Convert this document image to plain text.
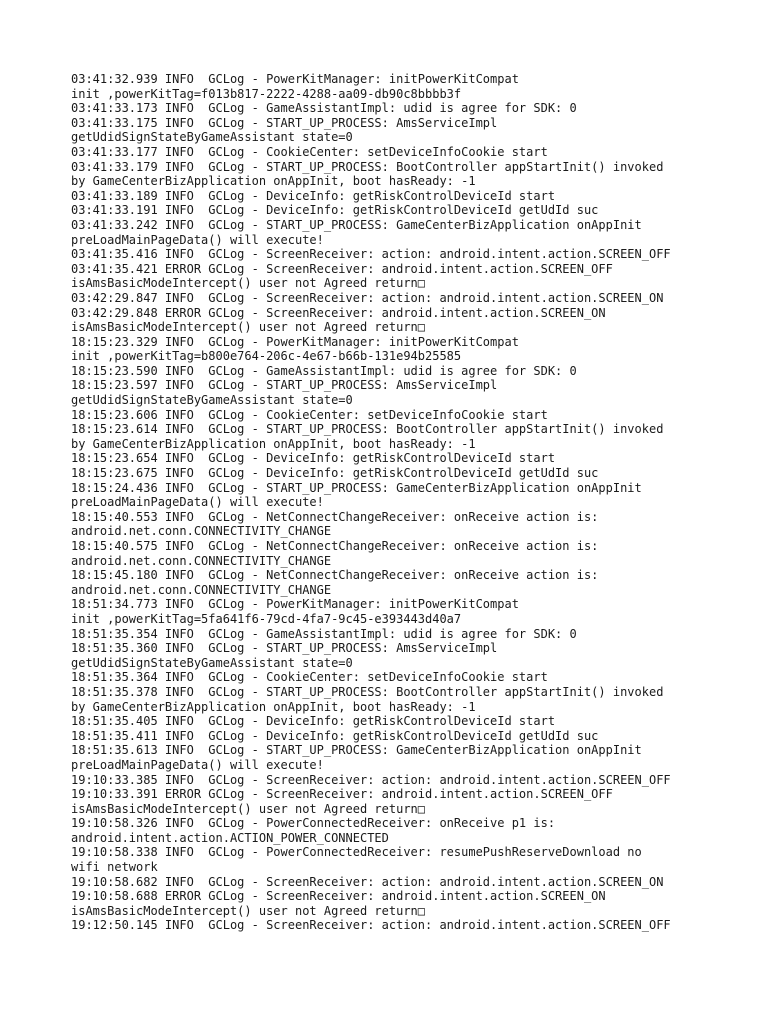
03:41:32.939 INFO  GCLog - PowerKitManager: initPowerKitCompat
init ,powerKitTag=f013b817-2222-4288-aa09-db90c8bbbb3f
03:41:33.173 INFO  GCLog - GameAssistantImpl: udid is agree for SDK: 0
03:41:33.175 INFO  GCLog - START_UP_PROCESS: AmsServiceImpl
getUdidSignStateByGameAssistant state=0
03:41:33.177 INFO  GCLog - CookieCenter: setDeviceInfoCookie start
03:41:33.179 INFO  GCLog - START_UP_PROCESS: BootController appStartInit() invoked
by GameCenterBizApplication onAppInit, boot hasReady: -1
03:41:33.189 INFO  GCLog - DeviceInfo: getRiskControlDeviceId start
03:41:33.191 INFO  GCLog - DeviceInfo: getRiskControlDeviceId getUdId suc
03:41:33.242 INFO  GCLog - START_UP_PROCESS: GameCenterBizApplication onAppInit
preLoadMainPageData() will execute!
03:41:35.416 INFO  GCLog - ScreenReceiver: action: android.intent.action.SCREEN_OFF
03:41:35.421 ERROR GCLog - ScreenReceiver: android.intent.action.SCREEN_OFF
isAmsBasicModeIntercept() user not Agreed return□
03:42:29.847 INFO  GCLog - ScreenReceiver: action: android.intent.action.SCREEN_ON
03:42:29.848 ERROR GCLog - ScreenReceiver: android.intent.action.SCREEN_ON
isAmsBasicModeIntercept() user not Agreed return□
18:15:23.329 INFO  GCLog - PowerKitManager: initPowerKitCompat
init ,powerKitTag=b800e764-206c-4e67-b66b-131e94b25585
18:15:23.590 INFO  GCLog - GameAssistantImpl: udid is agree for SDK: 0
18:15:23.597 INFO  GCLog - START_UP_PROCESS: AmsServiceImpl
getUdidSignStateByGameAssistant state=0
18:15:23.606 INFO  GCLog - CookieCenter: setDeviceInfoCookie start
18:15:23.614 INFO  GCLog - START_UP_PROCESS: BootController appStartInit() invoked
by GameCenterBizApplication onAppInit, boot hasReady: -1
18:15:23.654 INFO  GCLog - DeviceInfo: getRiskControlDeviceId start
18:15:23.675 INFO  GCLog - DeviceInfo: getRiskControlDeviceId getUdId suc
18:15:24.436 INFO  GCLog - START_UP_PROCESS: GameCenterBizApplication onAppInit
preLoadMainPageData() will execute!
18:15:40.553 INFO  GCLog - NetConnectChangeReceiver: onReceive action is:
android.net.conn.CONNECTIVITY_CHANGE
18:15:40.575 INFO  GCLog - NetConnectChangeReceiver: onReceive action is:
android.net.conn.CONNECTIVITY_CHANGE
18:15:45.180 INFO  GCLog - NetConnectChangeReceiver: onReceive action is:
android.net.conn.CONNECTIVITY_CHANGE
18:51:34.773 INFO  GCLog - PowerKitManager: initPowerKitCompat
init ,powerKitTag=5fa641f6-79cd-4fa7-9c45-e393443d40a7
18:51:35.354 INFO  GCLog - GameAssistantImpl: udid is agree for SDK: 0
18:51:35.360 INFO  GCLog - START_UP_PROCESS: AmsServiceImpl
getUdidSignStateByGameAssistant state=0
18:51:35.364 INFO  GCLog - CookieCenter: setDeviceInfoCookie start
18:51:35.378 INFO  GCLog - START_UP_PROCESS: BootController appStartInit() invoked
by GameCenterBizApplication onAppInit, boot hasReady: -1
18:51:35.405 INFO  GCLog - DeviceInfo: getRiskControlDeviceId start
18:51:35.411 INFO  GCLog - DeviceInfo: getRiskControlDeviceId getUdId suc
18:51:35.613 INFO  GCLog - START_UP_PROCESS: GameCenterBizApplication onAppInit
preLoadMainPageData() will execute!
19:10:33.385 INFO  GCLog - ScreenReceiver: action: android.intent.action.SCREEN_OFF
19:10:33.391 ERROR GCLog - ScreenReceiver: android.intent.action.SCREEN_OFF
isAmsBasicModeIntercept() user not Agreed return□
19:10:58.326 INFO  GCLog - PowerConnectedReceiver: onReceive p1 is:
android.intent.action.ACTION_POWER_CONNECTED
19:10:58.338 INFO  GCLog - PowerConnectedReceiver: resumePushReserveDownload no
wifi network
19:10:58.682 INFO  GCLog - ScreenReceiver: action: android.intent.action.SCREEN_ON
19:10:58.688 ERROR GCLog - ScreenReceiver: android.intent.action.SCREEN_ON
isAmsBasicModeIntercept() user not Agreed return□
19:12:50.145 INFO  GCLog - ScreenReceiver: action: android.intent.action.SCREEN_OFF
